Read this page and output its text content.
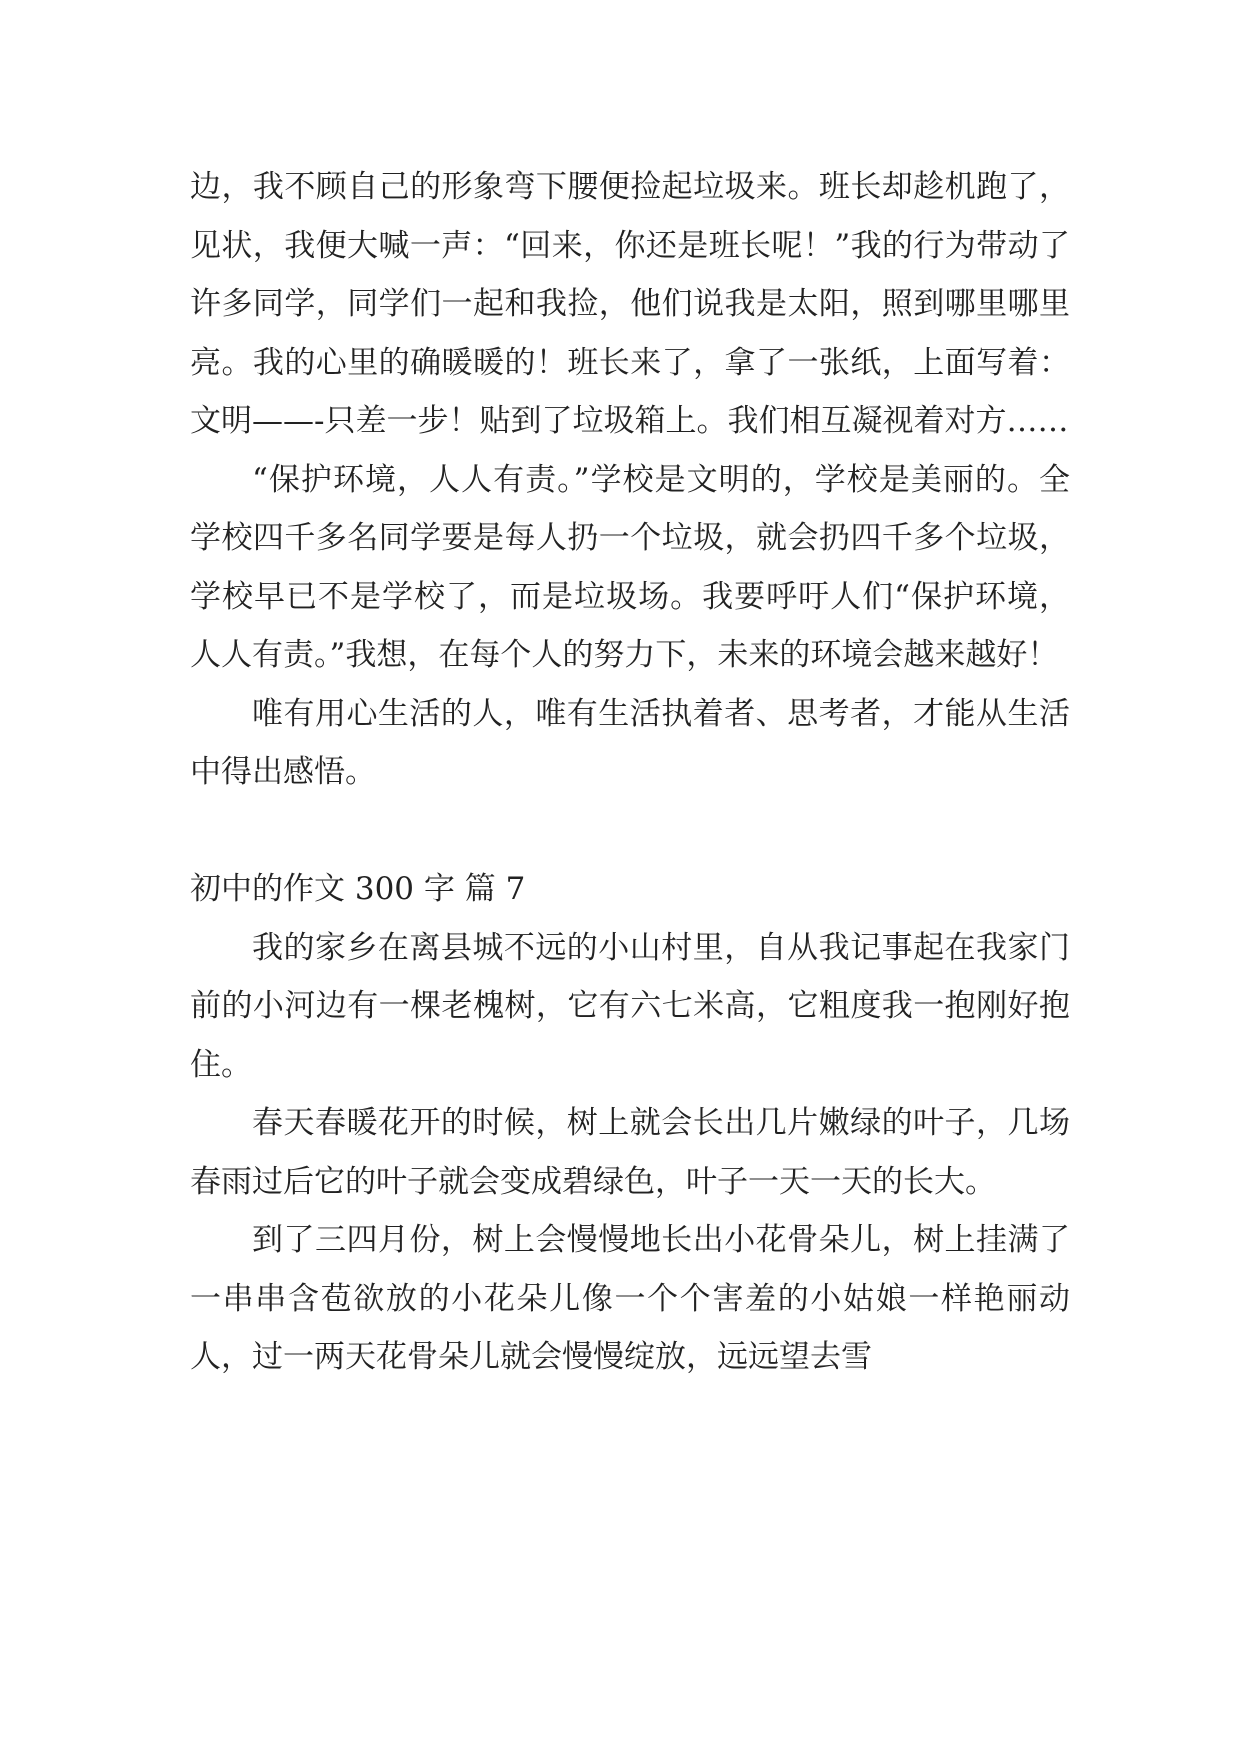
边，我不顾自己的形象弯下腰便捡起垃圾来。班长却趁机跑了，见状，我便大喊一声：“回来，你还是班长呢！”我的行为带动了许多同学，同学们一起和我捡，他们说我是太阳，照到哪里哪里亮。我的心里的确暖暖的！班长来了，拿了一张纸，上面写着：文明——-只差一步！贴到了垃圾箱上。我们相互凝视着对方……

“保护环境，人人有责。”学校是文明的，学校是美丽的。全学校四千多名同学要是每人扔一个垃圾，就会扔四千多个垃圾，学校早已不是学校了，而是垃圾场。我要呼吁人们“保护环境，人人有责。”我想，在每个人的努力下，未来的环境会越来越好！

唯有用心生活的人，唯有生活执着者、思考者，才能从生活中得出感悟。

初中的作文 300 字 篇 7

我的家乡在离县城不远的小山村里，自从我记事起在我家门前的小河边有一棵老槐树，它有六七米高，它粗度我一抱刚好抱住。

春天春暖花开的时候，树上就会长出几片嫩绿的叶子，几场春雨过后它的叶子就会变成碧绿色，叶子一天一天的长大。

到了三四月份，树上会慢慢地长出小花骨朵儿，树上挂满了一串串含苞欲放的小花朵儿像一个个害羞的小姑娘一样艳丽动人，过一两天花骨朵儿就会慢慢绽放，远远望去雪
